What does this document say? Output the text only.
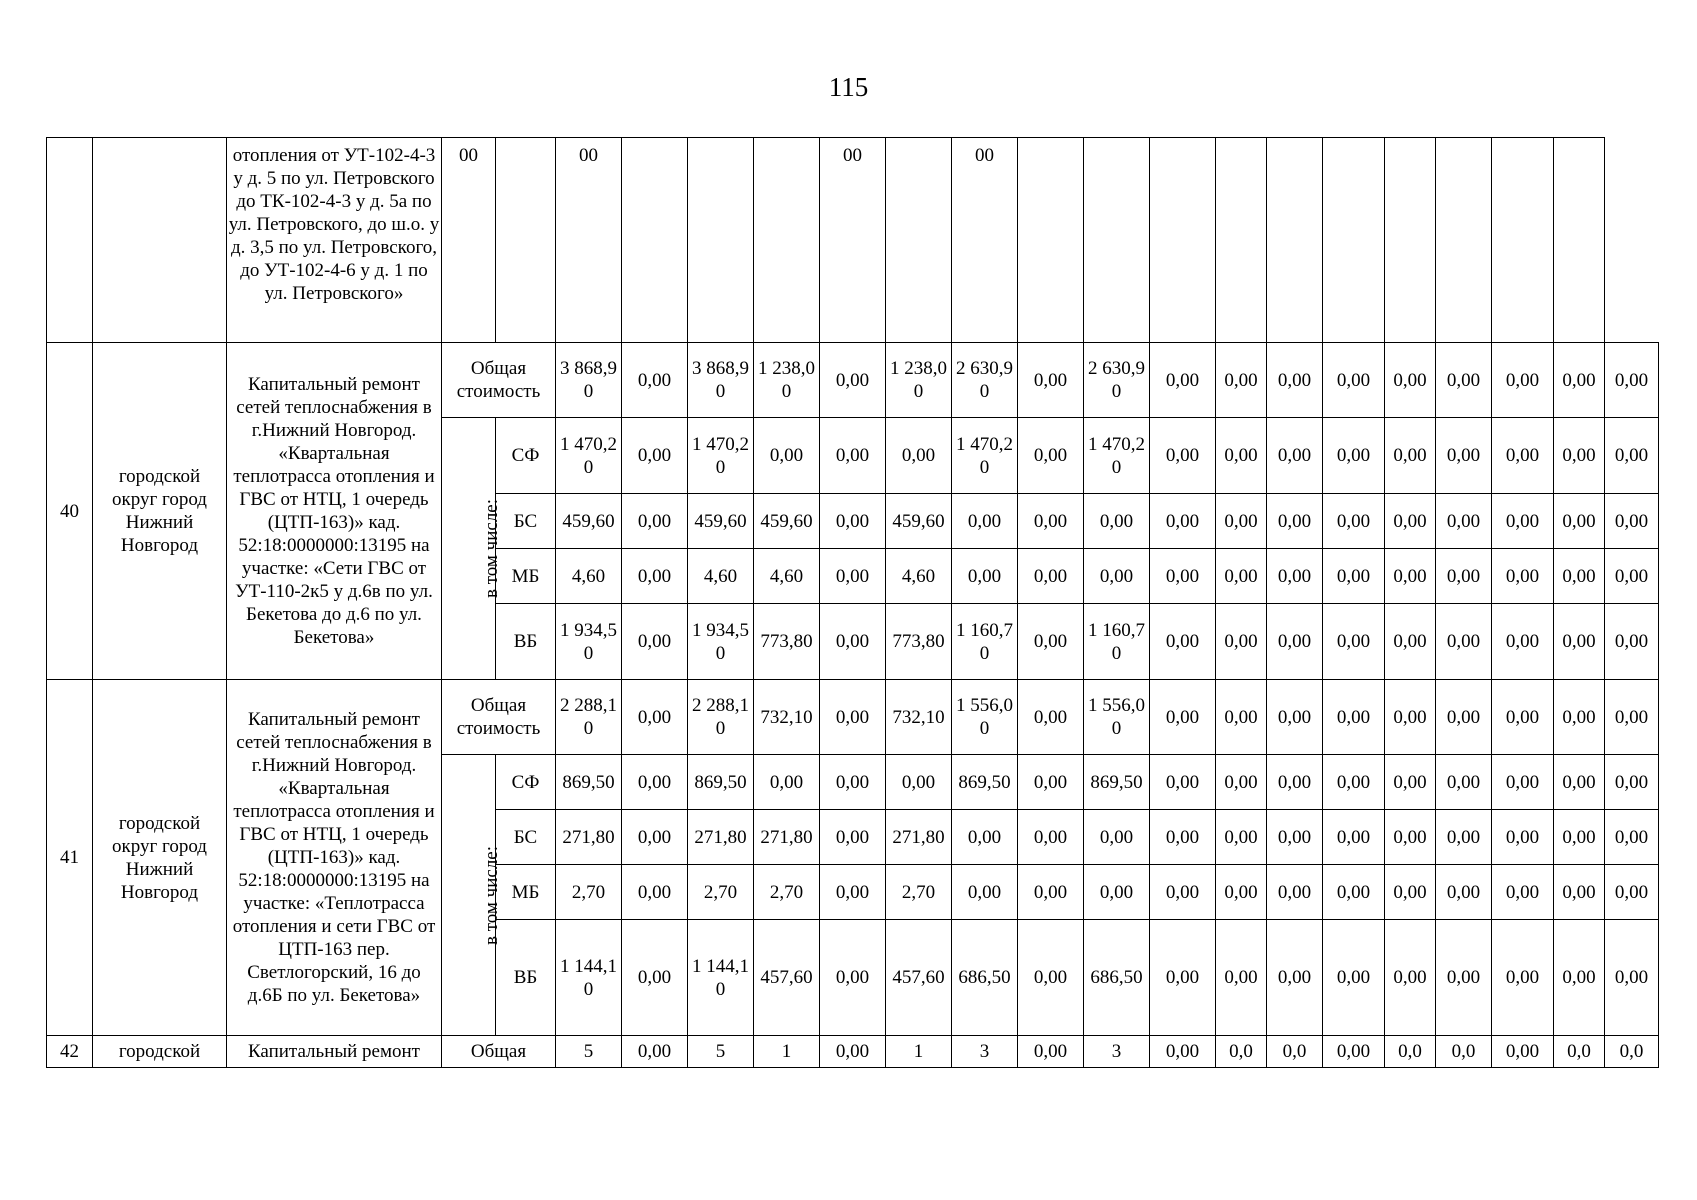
115
		отопления от УТ-102-4-3 у д. 5 по ул. Петровского до ТК-102-4-3 у д. 5а по ул. Петровского, до ш.о. у д. 3,5 по ул. Петровского, до УТ-102-4-6 у д. 1 по ул. Петровского»	00		00				00		00											
40	городской округ город Нижний Новгород	Капитальный ремонт сетей теплоснабжения в г.Нижний Новгород. «Квартальная теплотрасса отопления и ГВС от НТЦ, 1 очередь (ЦТП-163)» кад. 52:18:0000000:13195 на участке: «Сети ГВС от УТ-110-2к5 у д.6в по ул. Бекетова до д.6 по ул. Бекетова»	Общая стоимость		3 868,90	0,00	3 868,90	1 238,00	0,00	1 238,00	2 630,90	0,00	2 630,90	0,00	0,00	0,00	0,00	0,00	0,00	0,00	0,00	0,00
			в том числе:	СФ	1 470,20	0,00	1 470,20	0,00	0,00	0,00	1 470,20	0,00	1 470,20	0,00	0,00	0,00	0,00	0,00	0,00	0,00	0,00	0,00
				БС	459,60	0,00	459,60	459,60	0,00	459,60	0,00	0,00	0,00	0,00	0,00	0,00	0,00	0,00	0,00	0,00	0,00	0,00
				МБ	4,60	0,00	4,60	4,60	0,00	4,60	0,00	0,00	0,00	0,00	0,00	0,00	0,00	0,00	0,00	0,00	0,00	0,00
				ВБ	1 934,50	0,00	1 934,50	773,80	0,00	773,80	1 160,70	0,00	1 160,70	0,00	0,00	0,00	0,00	0,00	0,00	0,00	0,00	0,00
41	городской округ город Нижний Новгород	Капитальный ремонт сетей теплоснабжения в г.Нижний Новгород. «Квартальная теплотрасса отопления и ГВС от НТЦ, 1 очередь (ЦТП-163)» кад. 52:18:0000000:13195 на участке: «Теплотрасса отопления и сети ГВС от ЦТП-163 пер. Светлогорский, 16 до д.6Б по ул. Бекетова»	Общая стоимость		2 288,10	0,00	2 288,10	732,10	0,00	732,10	1 556,00	0,00	1 556,00	0,00	0,00	0,00	0,00	0,00	0,00	0,00	0,00	0,00
			в том числе:	СФ	869,50	0,00	869,50	0,00	0,00	0,00	869,50	0,00	869,50	0,00	0,00	0,00	0,00	0,00	0,00	0,00	0,00	0,00
				БС	271,80	0,00	271,80	271,80	0,00	271,80	0,00	0,00	0,00	0,00	0,00	0,00	0,00	0,00	0,00	0,00	0,00	0,00
				МБ	2,70	0,00	2,70	2,70	0,00	2,70	0,00	0,00	0,00	0,00	0,00	0,00	0,00	0,00	0,00	0,00	0,00	0,00
				ВБ	1 144,10	0,00	1 144,10	457,60	0,00	457,60	686,50	0,00	686,50	0,00	0,00	0,00	0,00	0,00	0,00	0,00	0,00	0,00
42	городской	Капитальный ремонт	Общая		5	0,00	5	1	0,00	1	3	0,00	3	0,00	0,0	0,0	0,00	0,0	0,0	0,00	0,0	0,0
